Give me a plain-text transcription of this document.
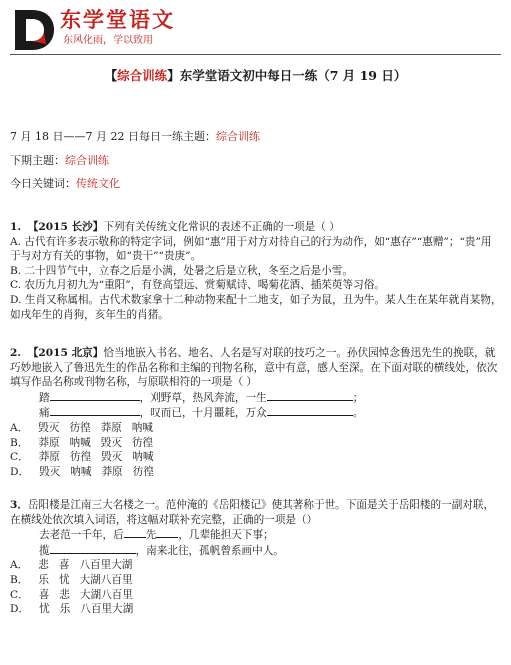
东学堂语文
东风化雨，学以致用
【综合训练】东学堂语文初中每日一练（7 月 19 日）
7 月 18 日——7 月 22 日每日一练主题：综合训练
下期主题：综合训练
今日关键词：传统文化

1. 【2015 长沙】下列有关传统文化常识的表述不正确的一项是（ ）

A. 古代有许多表示敬称的特定字词，例如“惠”用于对方对待自己的行为动作，如“惠存”“惠赠”；“贵”用于与对方有关的事物，如“贵干”“贵庚”。

B. 二十四节气中，立春之后是小满，处暑之后是立秋，冬至之后是小雪。

C. 农历九月初九为“重阳”，有登高望远、赏菊赋诗、喝菊花酒、插茱萸等习俗。

D. 生肖又称属相。古代术数家拿十二种动物来配十二地支，如子为鼠，丑为牛。某人生在某年就肖某物，如戌年生的肖狗，亥年生的肖猪。

2. 【2015 北京】恰当地嵌入书名、地名、人名是写对联的技巧之一。孙伏园悼念鲁迅先生的挽联，就巧妙地嵌入了鲁迅先生的作品名称和主编的刊物名称，意中有意，感人至深。在下面对联的横线处，依次填写作品名称或刊物名称，与原联相符的一项是（ ）

踏	，刈野草，热风奔流，一生	；

痛	，叹而已，十月噩耗，万众	。

A． 毁灭 彷徨 莽原 呐喊

B． 莽原 呐喊 毁灭 彷徨

C． 莽原 彷徨 毁灭 呐喊

D． 毁灭 呐喊 莽原 彷徨

3．岳阳楼是江南三大名楼之一。范仲淹的《岳阳楼记》使其著称于世。下面是关于岳阳楼的一副对联，在横线处依次填入词语，将这幅对联补充完整，正确的一项是（）

去老范一千年，后 先 ，几辈能担天下事；

揽	，南来北往，孤帆曾系画中人。

A． 悲 喜 八百里大湖

B． 乐 忧 大湖八百里

C． 喜 悲 大湖八百里

D． 忧 乐 八百里大湖
